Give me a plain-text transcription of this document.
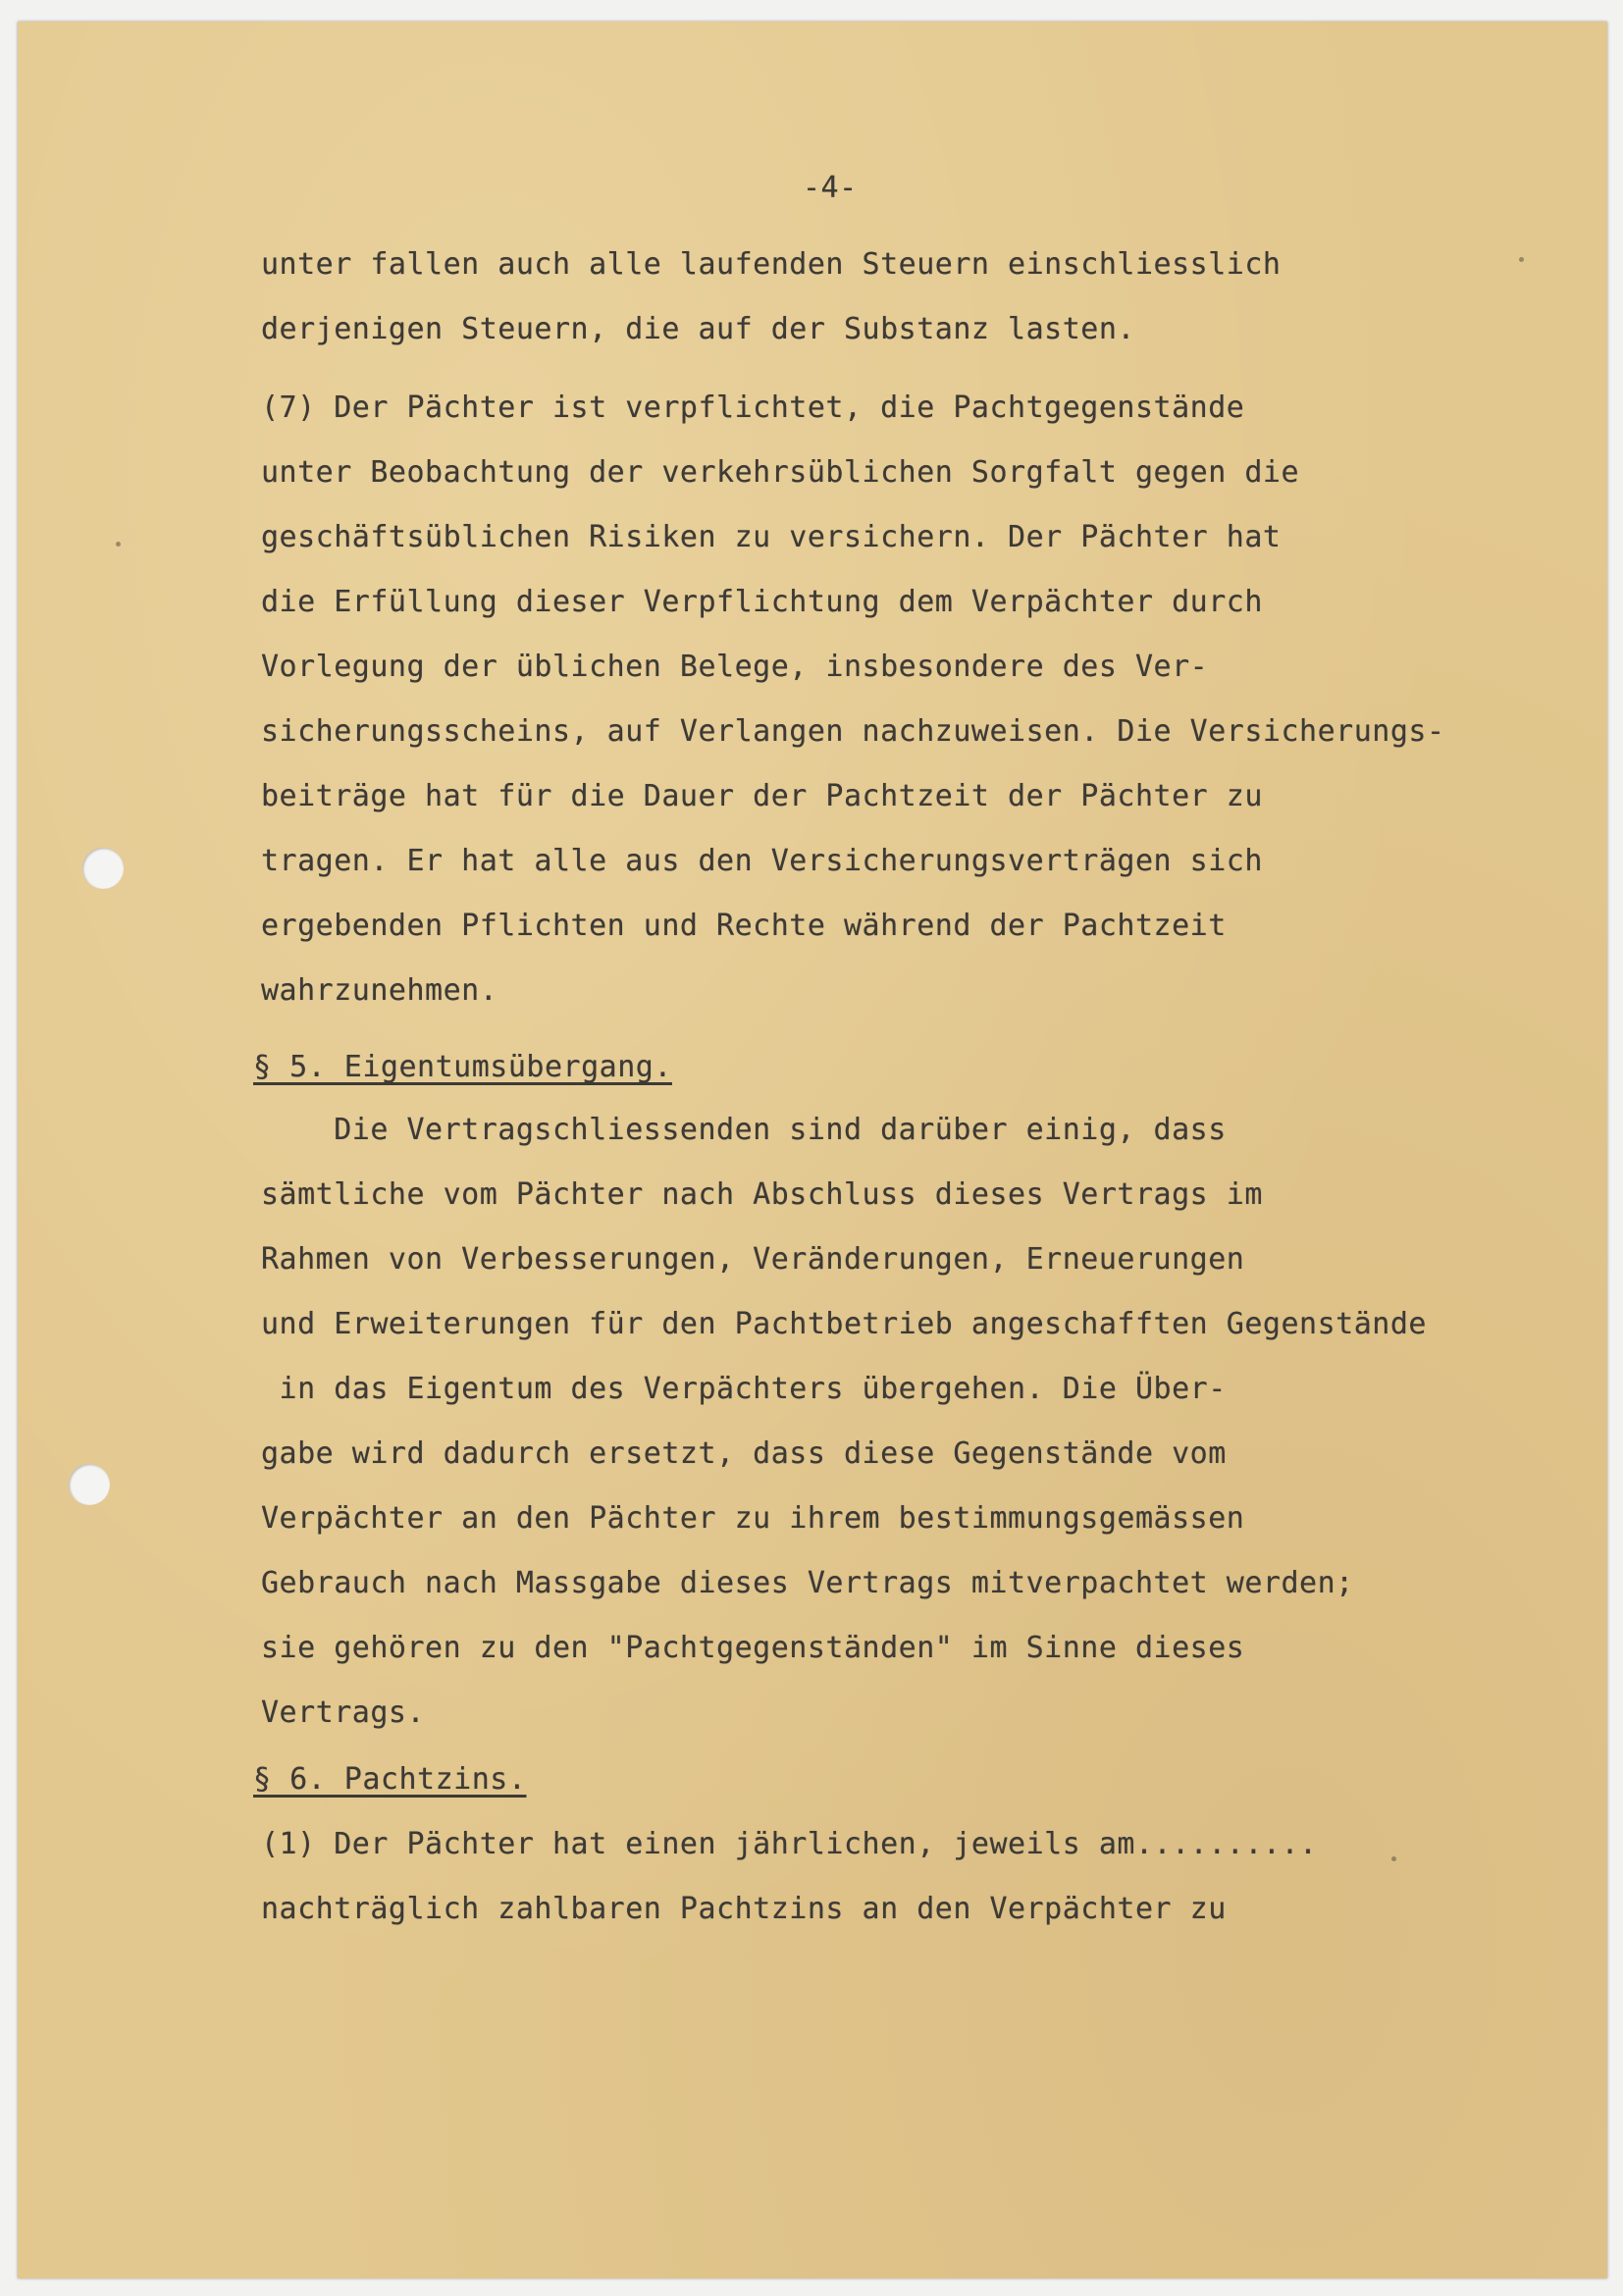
-4-
unter fallen auch alle laufenden Steuern einschliesslich
derjenigen Steuern, die auf der Substanz lasten.
(7) Der Pächter ist verpflichtet, die Pachtgegenstände
unter Beobachtung der verkehrsüblichen Sorgfalt gegen die
geschäftsüblichen Risiken zu versichern. Der Pächter hat
die Erfüllung dieser Verpflichtung dem Verpächter durch
Vorlegung der üblichen Belege, insbesondere des Ver-
sicherungsscheins, auf Verlangen nachzuweisen. Die Versicherungs-
beiträge hat für die Dauer der Pachtzeit der Pächter zu
tragen. Er hat alle aus den Versicherungsverträgen sich
ergebenden Pflichten und Rechte während der Pachtzeit
wahrzunehmen.
§ 5. Eigentumsübergang.
Die Vertragschliessenden sind darüber einig, dass
sämtliche vom Pächter nach Abschluss dieses Vertrags im
Rahmen von Verbesserungen, Veränderungen, Erneuerungen
und Erweiterungen für den Pachtbetrieb angeschafften Gegenstände
in das Eigentum des Verpächters übergehen. Die Über-
gabe wird dadurch ersetzt, dass diese Gegenstände vom
Verpächter an den Pächter zu ihrem bestimmungsgemässen
Gebrauch nach Massgabe dieses Vertrags mitverpachtet werden;
sie gehören zu den "Pachtgegenständen" im Sinne dieses
Vertrags.
§ 6. Pachtzins.
(1) Der Pächter hat einen jährlichen, jeweils am..........
nachträglich zahlbaren Pachtzins an den Verpächter zu
